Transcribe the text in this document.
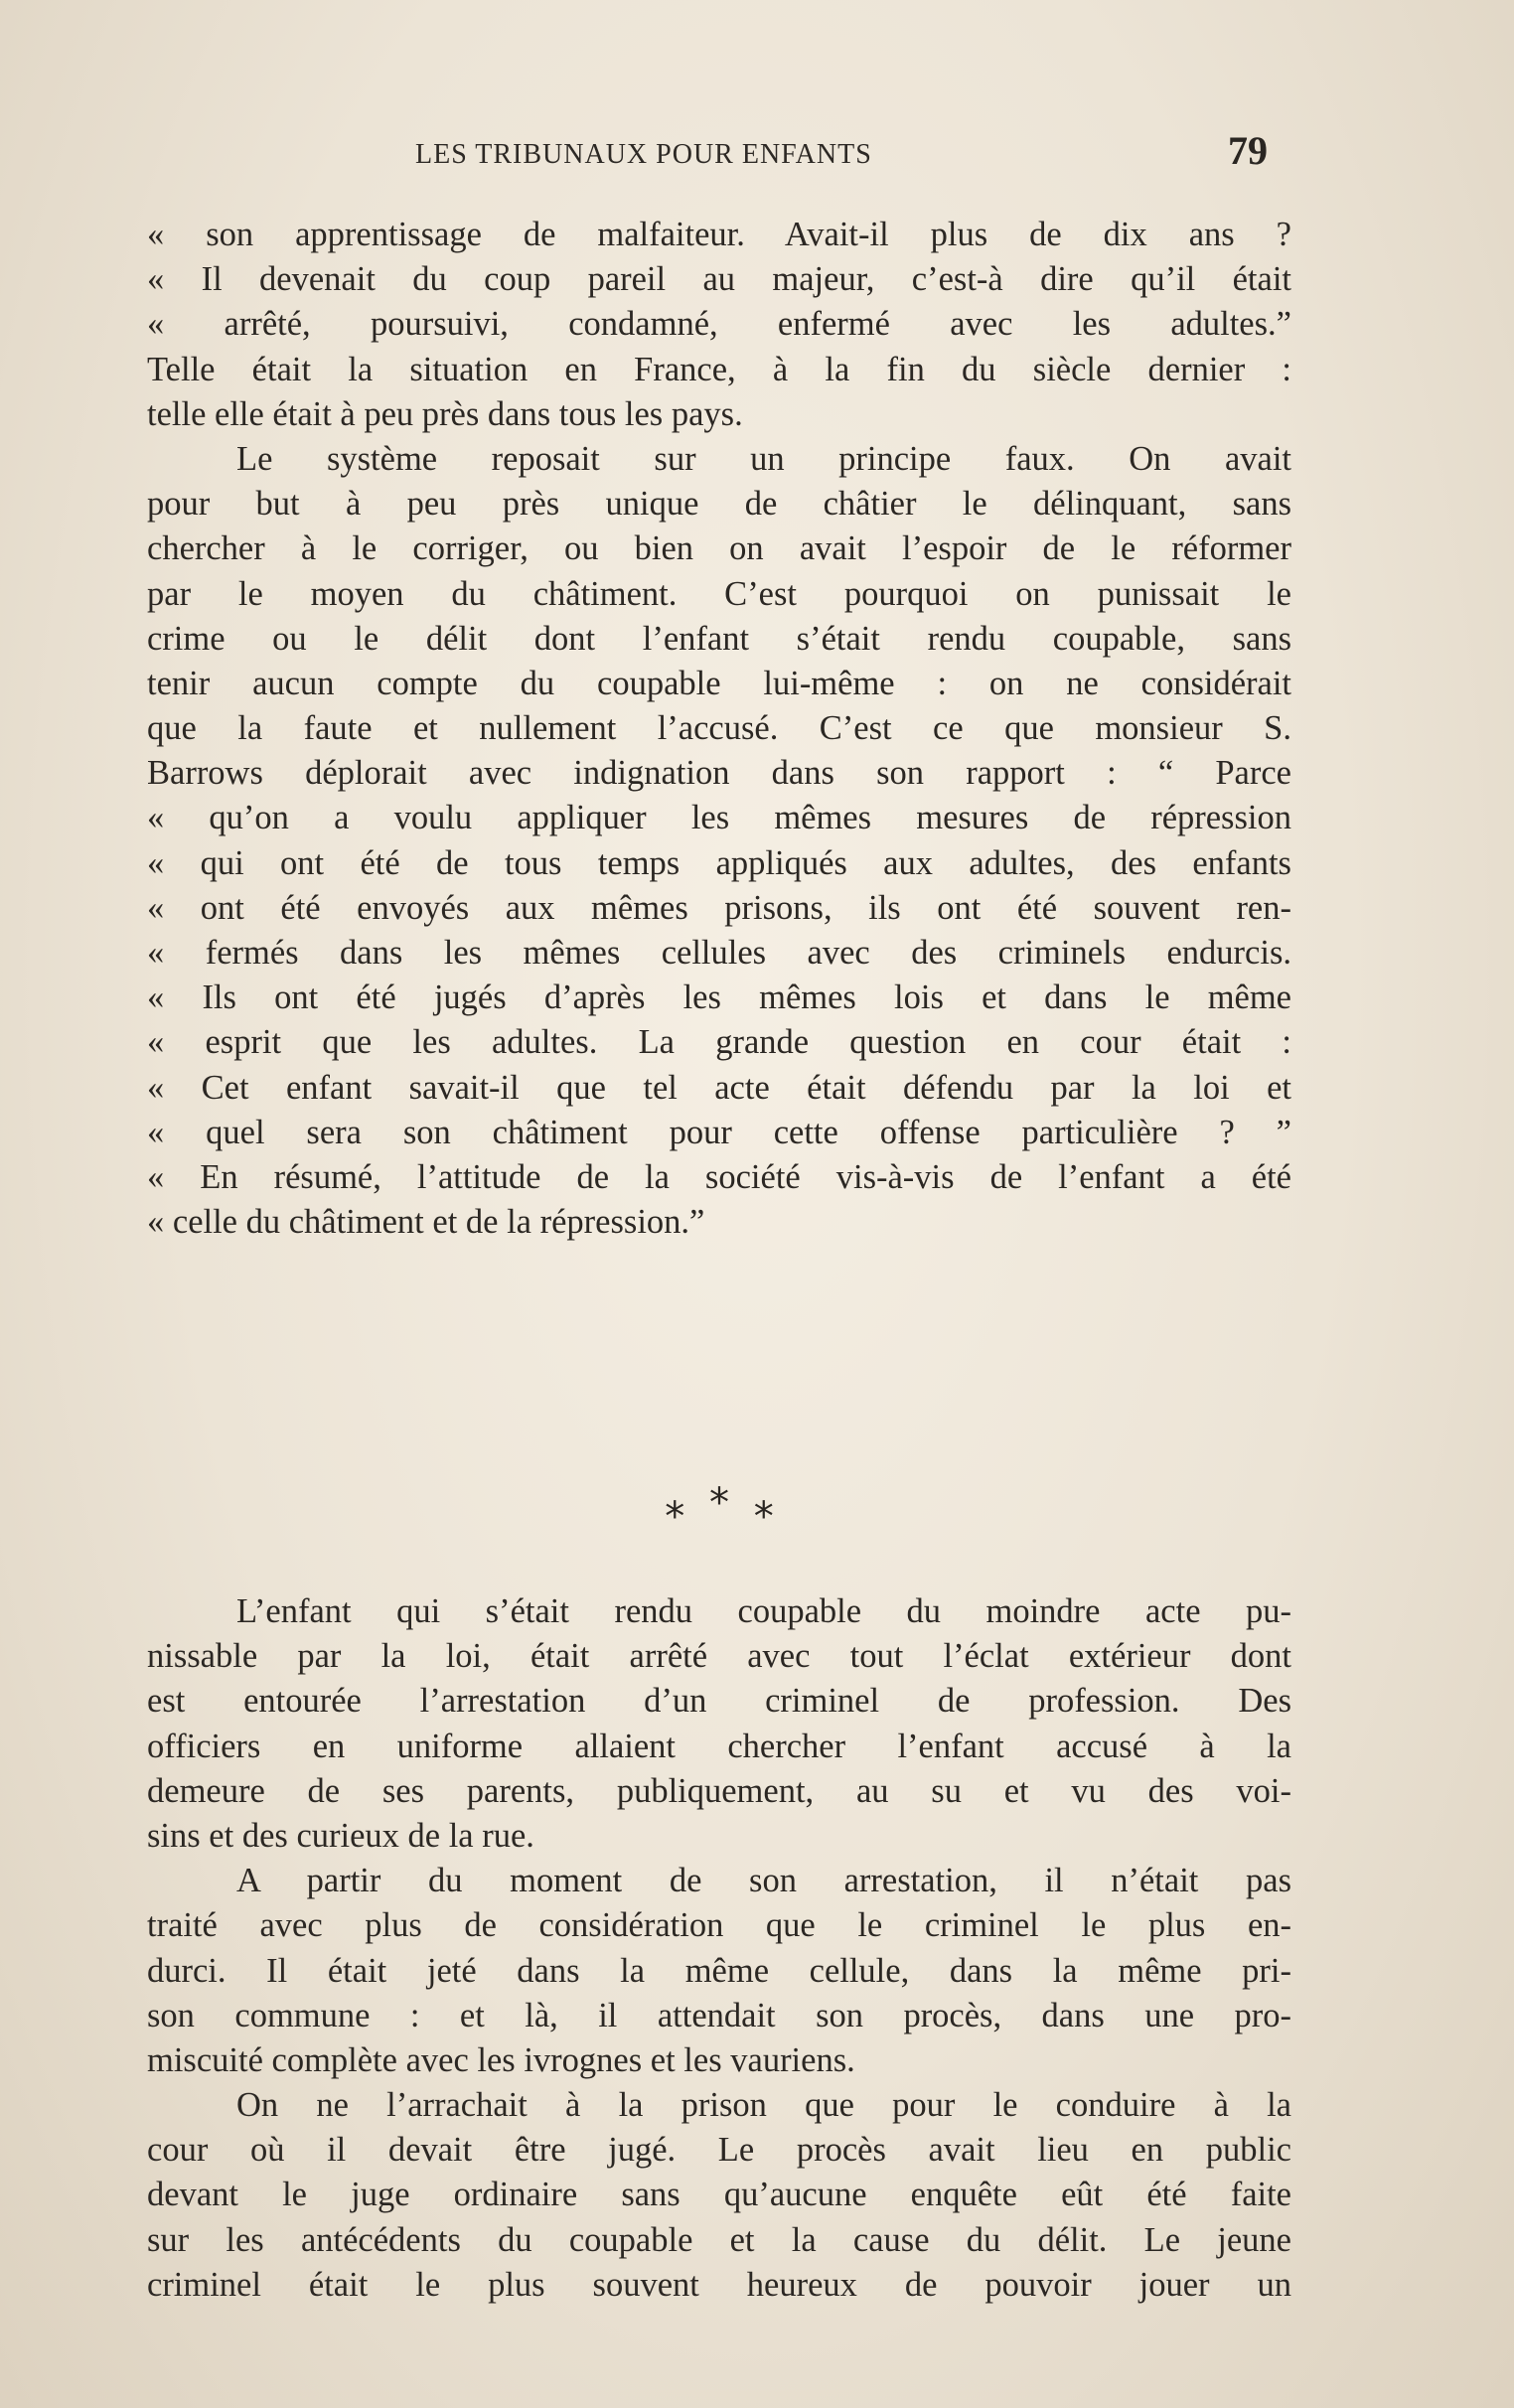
LES TRIBUNAUX POUR ENFANTS	79
« son apprentissage de malfaiteur. Avait-il plus de dix ans ?
« Il devenait du coup pareil au majeur, c’est-à dire qu’il était
« arrêté, poursuivi, condamné, enfermé avec les adultes.”
Telle était la situation en France, à la fin du siècle dernier :
telle elle était à peu près dans tous les pays.
Le système reposait sur un principe faux. On avait
pour but à peu près unique de châtier le délinquant, sans
chercher à le corriger, ou bien on avait l’espoir de le réformer
par le moyen du châtiment. C’est pourquoi on punissait le
crime ou le délit dont l’enfant s’était rendu coupable, sans
tenir aucun compte du coupable lui-même : on ne considérait
que la faute et nullement l’accusé. C’est ce que monsieur S.
Barrows déplorait avec indignation dans son rapport : “ Parce
« qu’on a voulu appliquer les mêmes mesures de répression
« qui ont été de tous temps appliqués aux adultes, des enfants
« ont été envoyés aux mêmes prisons, ils ont été souvent ren-
« fermés dans les mêmes cellules avec des criminels endurcis.
« Ils ont été jugés d’après les mêmes lois et dans le même
« esprit que les adultes. La grande question en cour était :
« Cet enfant savait-il que tel acte était défendu par la loi et
« quel sera son châtiment pour cette offense particulière ? ”
« En résumé, l’attitude de la société vis-à-vis de l’enfant a été
« celle du châtiment et de la répression.”
* * *
L’enfant qui s’était rendu coupable du moindre acte pu-
nissable par la loi, était arrêté avec tout l’éclat extérieur dont
est entourée l’arrestation d’un criminel de profession. Des
officiers en uniforme allaient chercher l’enfant accusé à la
demeure de ses parents, publiquement, au su et vu des voi-
sins et des curieux de la rue.
A partir du moment de son arrestation, il n’était pas
traité avec plus de considération que le criminel le plus en-
durci. Il était jeté dans la même cellule, dans la même pri-
son commune : et là, il attendait son procès, dans une pro-
miscuité complète avec les ivrognes et les vauriens.
On ne l’arrachait à la prison que pour le conduire à la
cour où il devait être jugé. Le procès avait lieu en public
devant le juge ordinaire sans qu’aucune enquête eût été faite
sur les antécédents du coupable et la cause du délit. Le jeune
criminel était le plus souvent heureux de pouvoir jouer un
